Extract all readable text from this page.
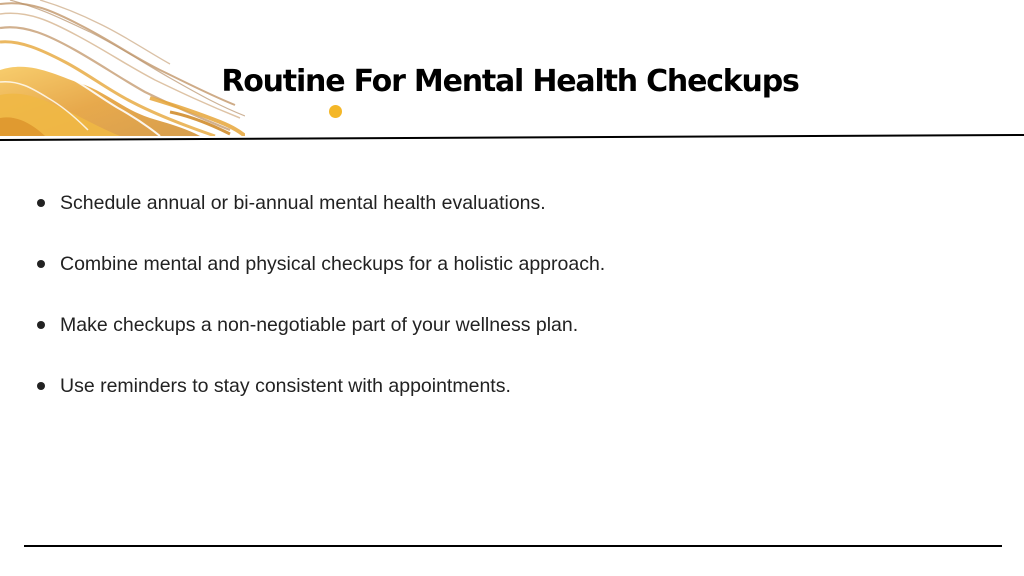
Routine For Mental Health Checkups
Schedule annual or bi-annual mental health evaluations.
Combine mental and physical checkups for a holistic approach.
Make checkups a non-negotiable part of your wellness plan.
Use reminders to stay consistent with appointments.
